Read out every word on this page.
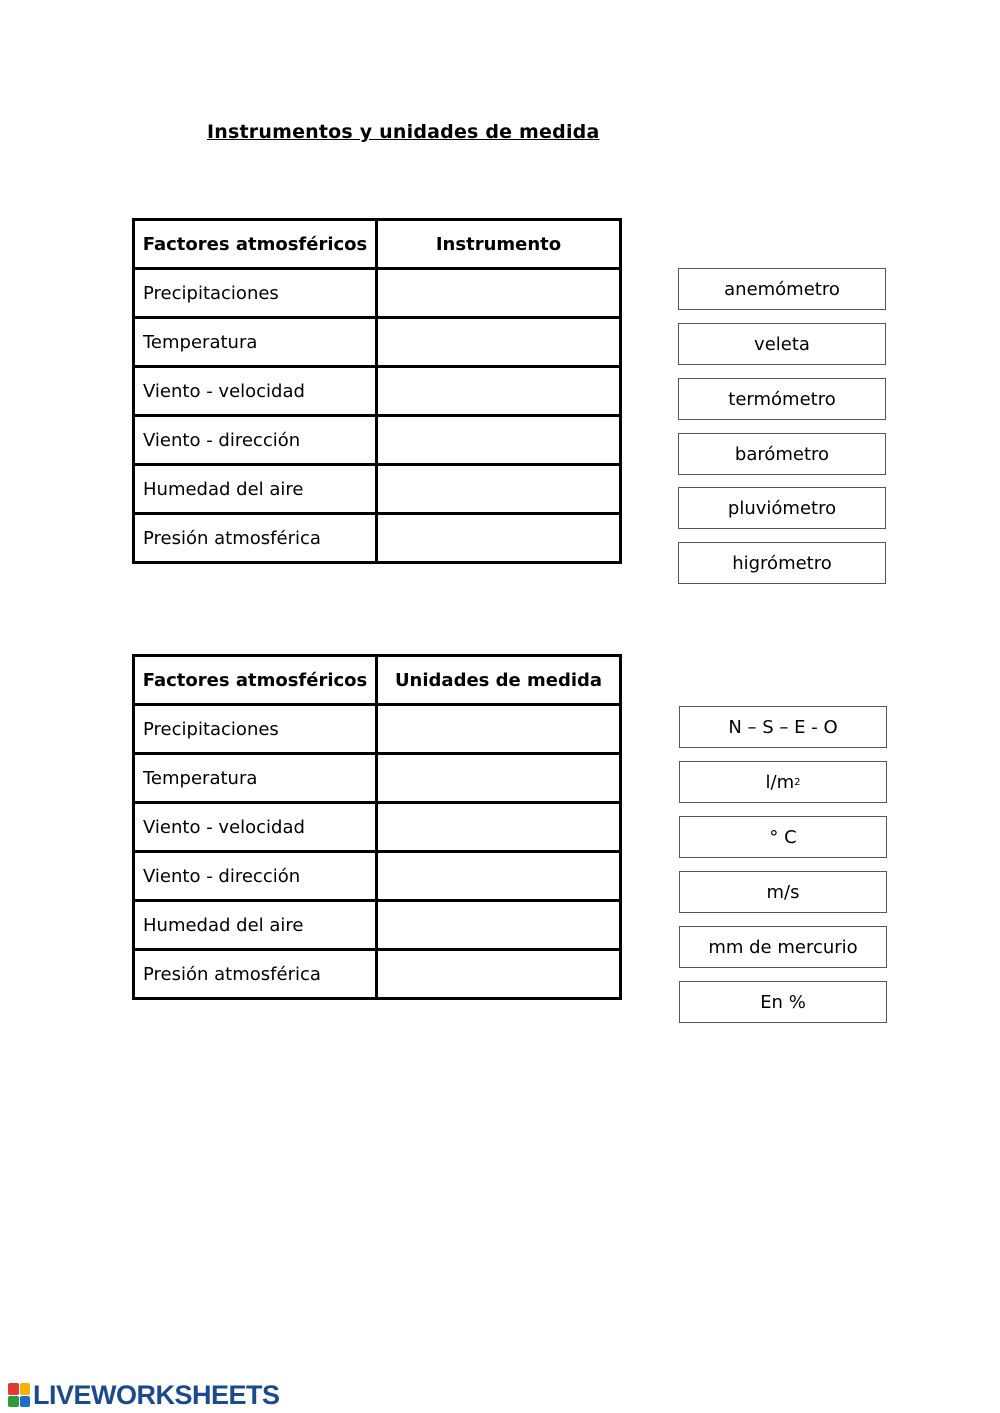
Instrumentos y unidades de medida
Factores atmosféricos	Instrumento
Precipitaciones	
Temperatura	
Viento - velocidad	
Viento - dirección	
Humedad del aire	
Presión atmosférica	
anemómetro
veleta
termómetro
barómetro
pluviómetro
higrómetro
Factores atmosféricos	Unidades de medida
Precipitaciones	
Temperatura	
Viento - velocidad	
Viento - dirección	
Humedad del aire	
Presión atmosférica	
N – S – E - O
l/m 2
° C
m/s
mm de mercurio
En %
LIVEWORKSHEETS
